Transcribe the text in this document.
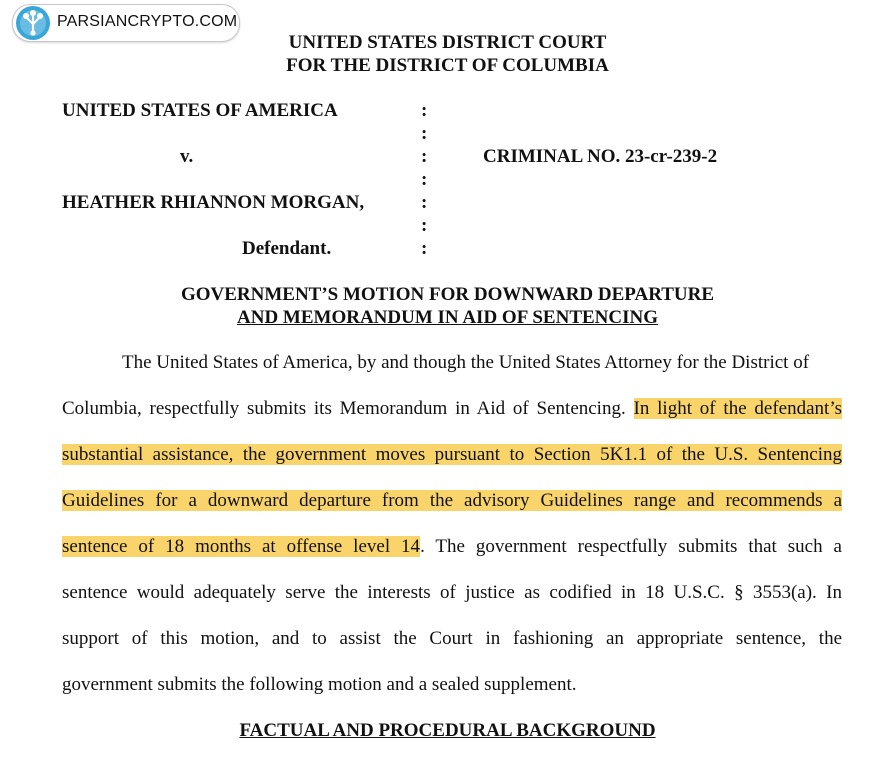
PARSIANCRYPTO.COM
UNITED STATES DISTRICT COURT
FOR THE DISTRICT OF COLUMBIA
UNITED STATES OF AMERICA
v.
HEATHER RHIANNON MORGAN,
Defendant.
CRIMINAL NO. 23-cr-239-2
:
:
:
:
:
:
:
GOVERNMENT’S MOTION FOR DOWNWARD DEPARTURE
AND MEMORANDUM IN AID OF SENTENCING
The United States of America, by and though the United States Attorney for the District of
Columbia, respectfully submits its Memorandum in Aid of Sentencing. In light of the defendant’s
substantial assistance, the government moves pursuant to Section 5K1.1 of the U.S. Sentencing
Guidelines for a downward departure from the advisory Guidelines range and recommends a
sentence of 18 months at offense level 14. The government respectfully submits that such a
sentence would adequately serve the interests of justice as codified in 18 U.S.C. § 3553(a). In
support of this motion, and to assist the Court in fashioning an appropriate sentence, the
government submits the following motion and a sealed supplement.
FACTUAL AND PROCEDURAL BACKGROUND
